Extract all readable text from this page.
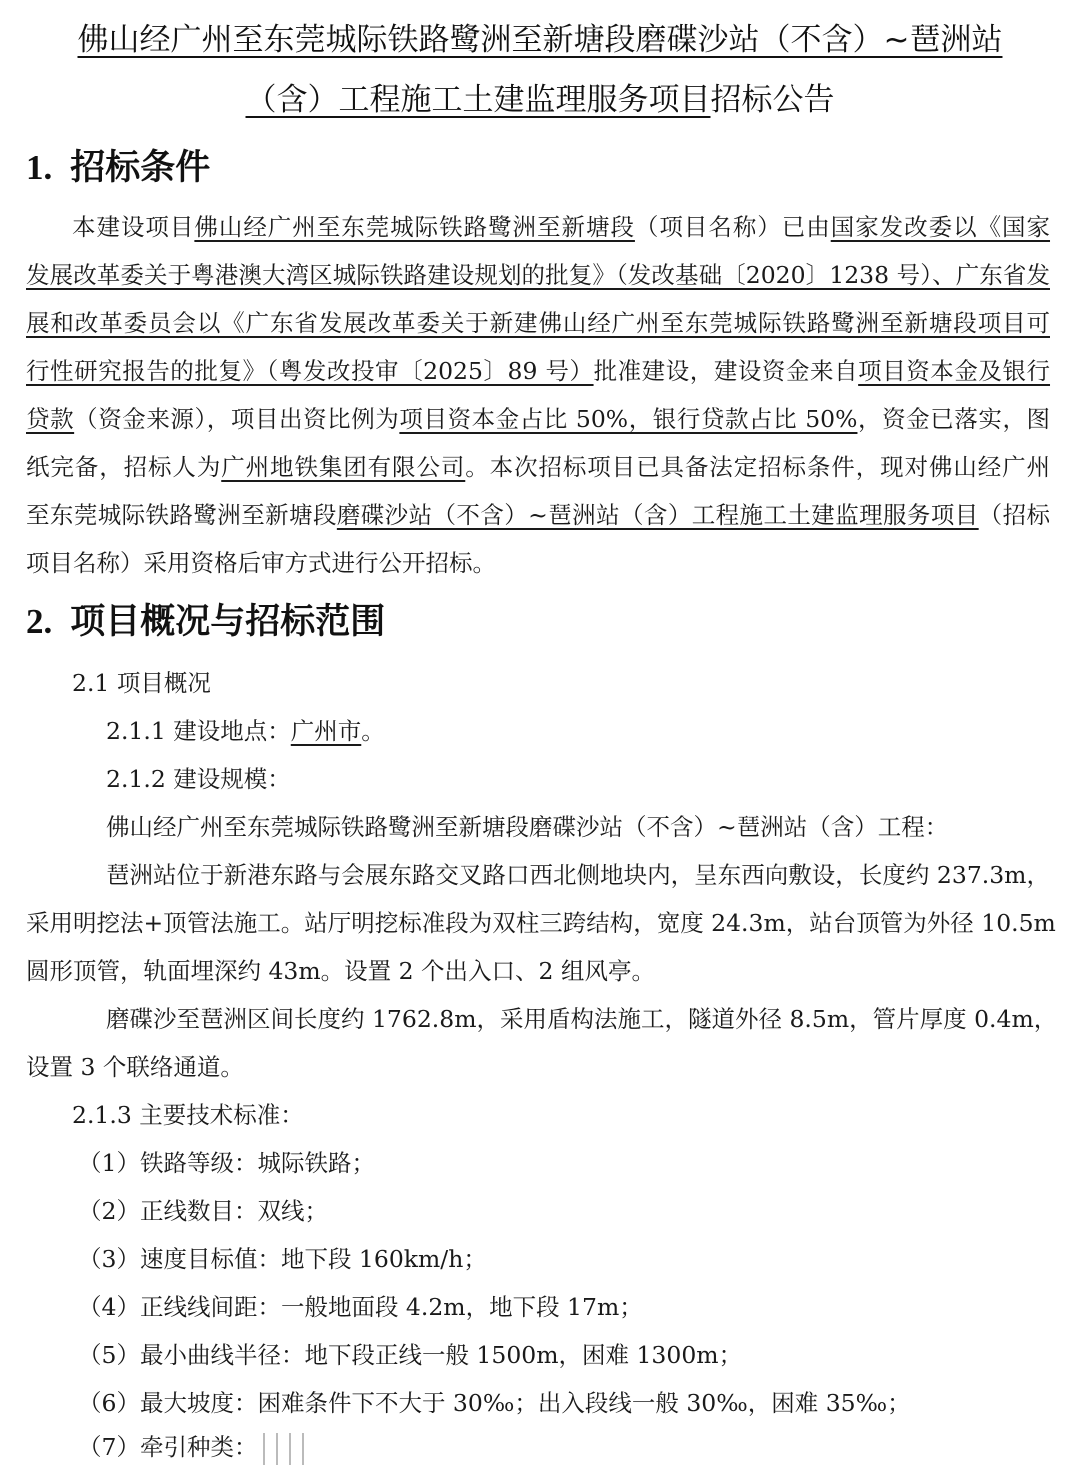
佛山经广州至东莞城际铁路鹭洲至新塘段磨碟沙站（不含）~琶洲站
（含）工程施工土建监理服务项目招标公告
1. 招标条件
本建设项目佛山经广州至东莞城际铁路鹭洲至新塘段（项目名称）已由国家发改委以《国家
发展改革委关于粤港澳大湾区城际铁路建设规划的批复》（发改基础〔2020〕1238 号）、广东省发
展和改革委员会以《广东省发展改革委关于新建佛山经广州至东莞城际铁路鹭洲至新塘段项目可
行性研究报告的批复》（粤发改投审〔2025〕89 号）批准建设，建设资金来自项目资本金及银行
贷款（资金来源），项目出资比例为项目资本金占比 50%，银行贷款占比 50%，资金已落实，图
纸完备，招标人为广州地铁集团有限公司。本次招标项目已具备法定招标条件，现对佛山经广州
至东莞城际铁路鹭洲至新塘段磨碟沙站（不含）~琶洲站（含）工程施工土建监理服务项目（招标
项目名称）采用资格后审方式进行公开招标。
2. 项目概况与招标范围
2.1 项目概况
2.1.1 建设地点：广州市。
2.1.2 建设规模：
佛山经广州至东莞城际铁路鹭洲至新塘段磨碟沙站（不含）~琶洲站（含）工程：
琶洲站位于新港东路与会展东路交叉路口西北侧地块内，呈东西向敷设，长度约 237.3m，
采用明挖法+顶管法施工。站厅明挖标准段为双柱三跨结构，宽度 24.3m，站台顶管为外径 10.5m
圆形顶管，轨面埋深约 43m。设置 2 个出入口、2 组风亭。
磨碟沙至琶洲区间长度约 1762.8m，采用盾构法施工，隧道外径 8.5m，管片厚度 0.4m，
设置 3 个联络通道。
2.1.3 主要技术标准：
（1）铁路等级：城际铁路；
（2）正线数目：双线；
（3）速度目标值：地下段 160km/h；
（4）正线线间距：一般地面段 4.2m，地下段 17m；
（5）最小曲线半径：地下段正线一般 1500m，困难 1300m；
（6）最大坡度：困难条件下不大于 30‰；出入段线一般 30‰，困难 35‰；
（7）牵引种类：
